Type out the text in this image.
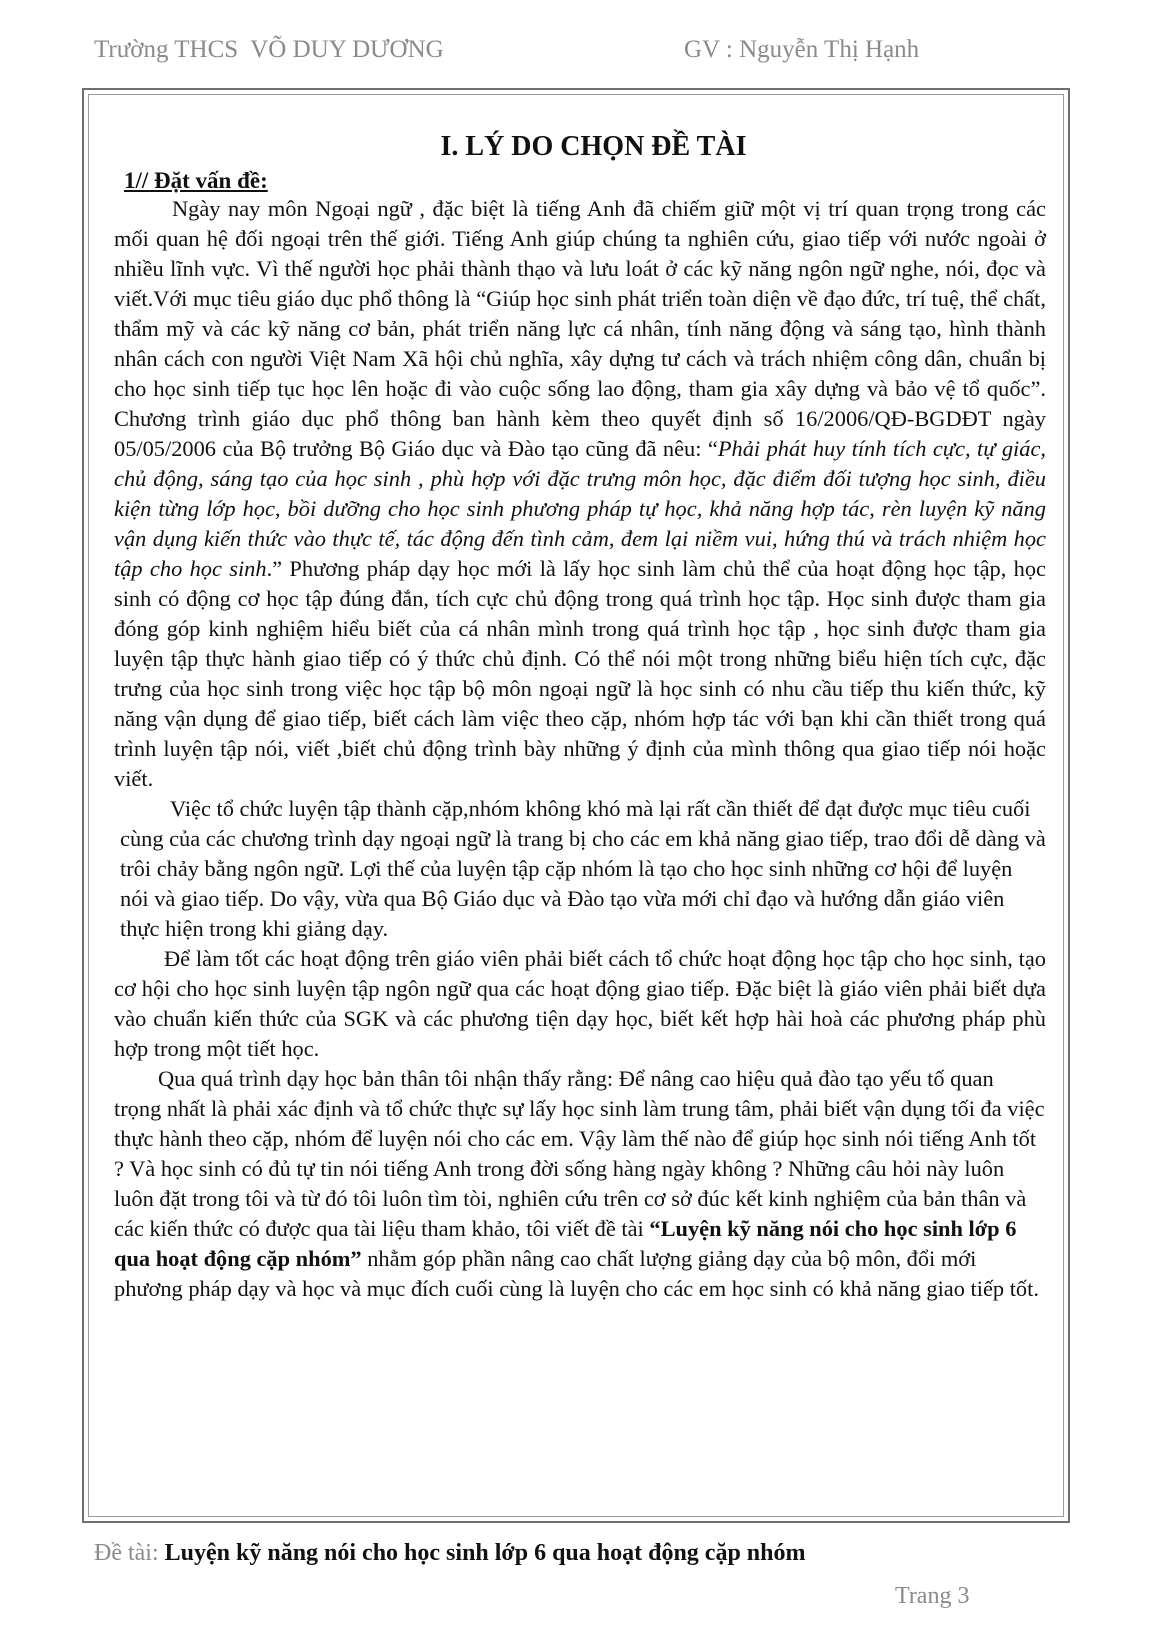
Trường THCS  VÕ DUY DƯƠNG	GV : Nguyễn Thị Hạnh
I. LÝ DO CHỌN ĐỀ TÀI
1// Đặt vấn đề:

Ngày nay môn Ngoại ngữ , đặc biệt là tiếng Anh đã chiếm giữ một vị trí quan trọng trong các mối quan hệ đối ngoại trên thế giới. Tiếng Anh giúp chúng ta nghiên cứu, giao tiếp với nước ngoài ở nhiều lĩnh vực. Vì thế người học phải thành thạo và lưu loát ở các kỹ năng ngôn ngữ nghe, nói, đọc và viết.Với mục tiêu giáo dục phổ thông là “Giúp học sinh phát triển toàn diện về đạo đức, trí tuệ, thể chất, thẩm mỹ và các kỹ năng cơ bản, phát triển năng lực cá nhân, tính năng động và sáng tạo, hình thành nhân cách con người Việt Nam Xã hội chủ nghĩa, xây dựng tư cách và trách nhiệm công dân, chuẩn bị cho học sinh tiếp tục học lên hoặc đi vào cuộc sống lao động, tham gia xây dựng và bảo vệ tổ quốc”. Chương trình giáo dục phổ thông ban hành kèm theo quyết định số 16/2006/QĐ-BGDĐT ngày 05/05/2006 của Bộ trưởng Bộ Giáo dục và Đào tạo cũng đã nêu: “Phải phát huy tính tích cực, tự giác, chủ động, sáng tạo của học sinh , phù hợp với đặc trưng môn học, đặc điểm đối tượng học sinh, điều kiện từng lớp học, bồi dưỡng cho học sinh phương pháp tự học, khả năng hợp tác, rèn luyện kỹ năng vận dụng kiến thức vào thực tế, tác động đến tình cảm, đem lại niềm vui, hứng thú và trách nhiệm học tập cho học sinh.” Phương pháp dạy học mới là lấy học sinh làm chủ thể của hoạt động học tập, học sinh có động cơ học tập đúng đắn, tích cực chủ động trong quá trình học tập. Học sinh được tham gia đóng góp kinh nghiệm hiểu biết của cá nhân mình trong quá trình học tập , học sinh được tham gia luyện tập thực hành giao tiếp có ý thức chủ định. Có thể nói một trong những biểu hiện tích cực, đặc trưng của học sinh trong việc học tập bộ môn ngoại ngữ là học sinh có nhu cầu tiếp thu kiến thức, kỹ năng vận dụng để giao tiếp, biết cách làm việc theo cặp, nhóm hợp tác với bạn khi cần thiết trong quá trình luyện tập nói, viết ,biết chủ động trình bày những ý định của mình thông qua giao tiếp nói hoặc viết.

Việc tổ chức luyện tập thành cặp,nhóm không khó mà lại rất cần thiết để đạt được mục tiêu cuối cùng của các chương trình dạy ngoại ngữ là trang bị cho các em khả năng giao tiếp, trao đổi dễ dàng và trôi chảy bằng ngôn ngữ. Lợi thế của luyện tập cặp nhóm là tạo cho học sinh những cơ hội để luyện nói và giao tiếp. Do vậy, vừa qua Bộ Giáo dục và Đào tạo vừa mới chỉ đạo và hướng dẫn giáo viên thực hiện trong khi giảng dạy.

Để làm tốt các hoạt động trên giáo viên phải biết cách tổ chức hoạt động học tập cho học sinh, tạo cơ hội cho học sinh luyện tập ngôn ngữ qua các hoạt động giao tiếp. Đặc biệt là giáo viên phải biết dựa vào chuẩn kiến thức của SGK và các phương tiện dạy học, biết kết hợp hài hoà các phương pháp phù hợp trong một tiết học.

Qua quá trình dạy học bản thân tôi nhận thấy rằng: Để nâng cao hiệu quả đào tạo yếu tố quan trọng nhất là phải xác định và tổ chức thực sự lấy học sinh làm trung tâm, phải biết vận dụng tối đa việc thực hành theo cặp, nhóm để luyện nói cho các em. Vậy làm thế nào để giúp học sinh nói tiếng Anh tốt ? Và học sinh có đủ tự tin nói tiếng Anh trong đời sống hàng ngày không ? Những câu hỏi này luôn luôn đặt trong tôi và từ đó tôi luôn tìm tòi, nghiên cứu trên cơ sở đúc kết kinh nghiệm của bản thân và các kiến thức có được qua tài liệu tham khảo, tôi viết đề tài “Luyện kỹ năng nói cho học sinh lớp 6 qua hoạt động cặp nhóm” nhằm góp phần nâng cao chất lượng giảng dạy của bộ môn, đổi mới phương pháp dạy và học và mục đích cuối cùng là luyện cho các em học sinh có khả năng giao tiếp tốt.

Đề tài: Luyện kỹ năng nói cho học sinh lớp 6 qua hoạt động cặp nhóm
Trang 3
